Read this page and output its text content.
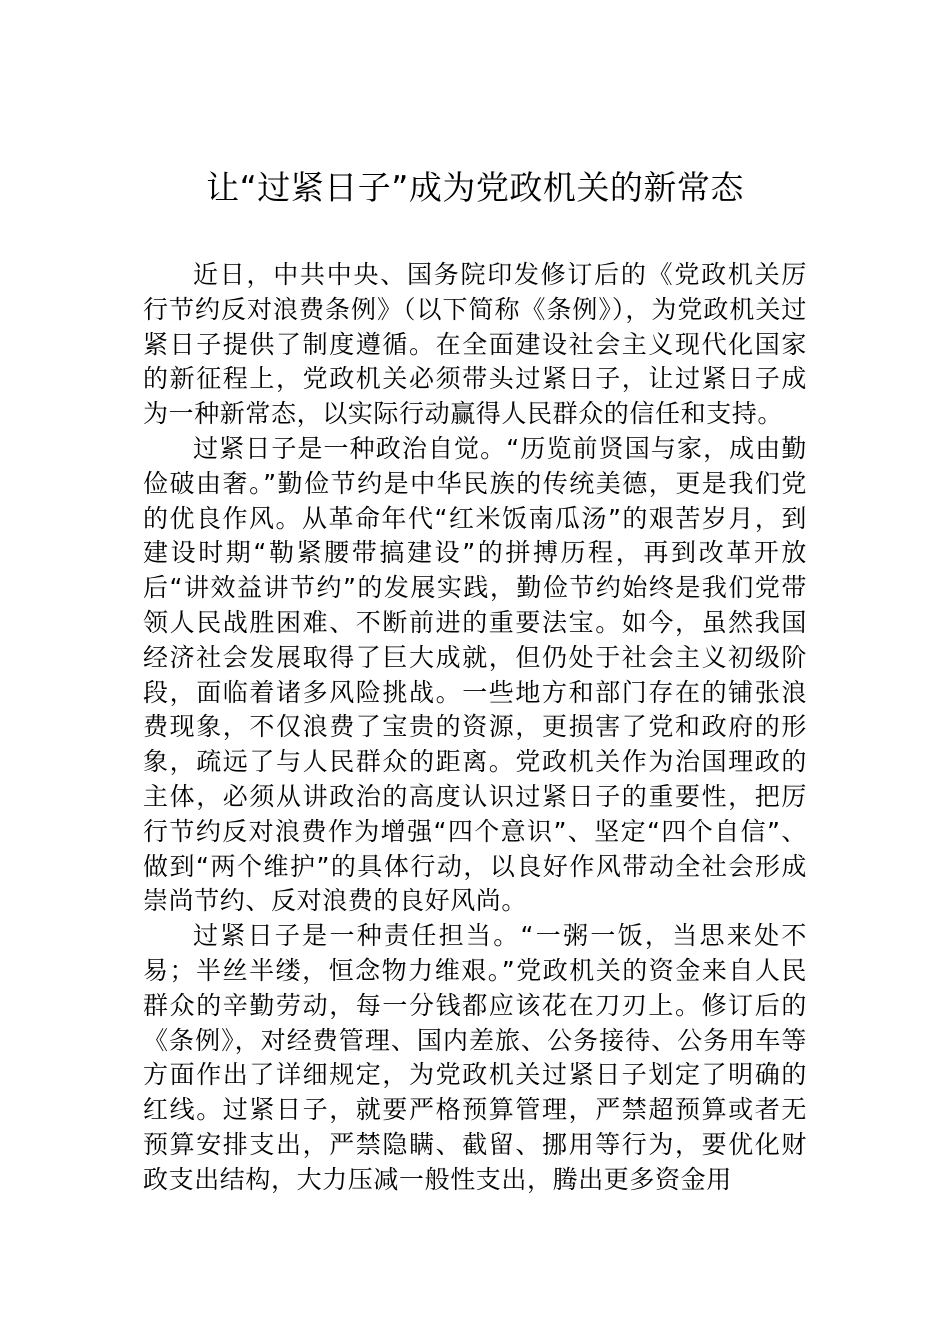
让“过紧日子”成为党政机关的新常态

近日，中共中央、国务院印发修订后的《党政机关厉行节约反对浪费条例》（以下简称《条例》），为党政机关过紧日子提供了制度遵循。在全面建设社会主义现代化国家的新征程上，党政机关必须带头过紧日子，让过紧日子成为一种新常态，以实际行动赢得人民群众的信任和支持。

过紧日子是一种政治自觉。“历览前贤国与家，成由勤俭破由奢。”勤俭节约是中华民族的传统美德，更是我们党的优良作风。从革命年代“红米饭南瓜汤”的艰苦岁月，到建设时期“勒紧腰带搞建设”的拼搏历程，再到改革开放后“讲效益讲节约”的发展实践，勤俭节约始终是我们党带领人民战胜困难、不断前进的重要法宝。如今，虽然我国经济社会发展取得了巨大成就，但仍处于社会主义初级阶段，面临着诸多风险挑战。一些地方和部门存在的铺张浪费现象，不仅浪费了宝贵的资源，更损害了党和政府的形象，疏远了与人民群众的距离。党政机关作为治国理政的主体，必须从讲政治的高度认识过紧日子的重要性，把厉行节约反对浪费作为增强“四个意识”、坚定“四个自信”、做到“两个维护”的具体行动，以良好作风带动全社会形成崇尚节约、反对浪费的良好风尚。

过紧日子是一种责任担当。“一粥一饭，当思来处不易；半丝半缕，恒念物力维艰。”党政机关的资金来自人民群众的辛勤劳动，每一分钱都应该花在刀刃上。修订后的《条例》，对经费管理、国内差旅、公务接待、公务用车等方面作出了详细规定，为党政机关过紧日子划定了明确的红线。过紧日子，就要严格预算管理，严禁超预算或者无预算安排支出，严禁隐瞒、截留、挪用等行为，要优化财政支出结构，大力压减一般性支出，腾出更多资金用
